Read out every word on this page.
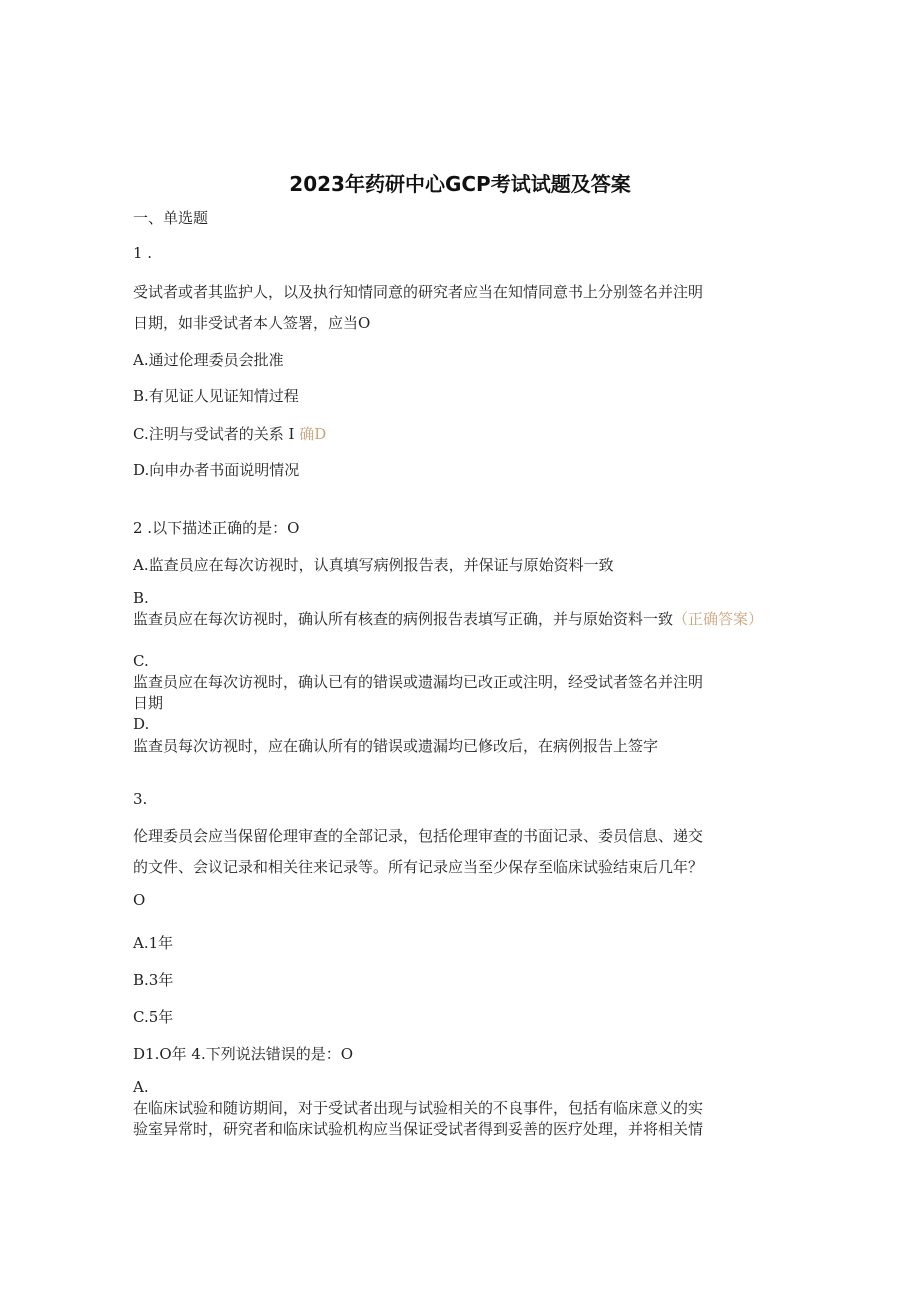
2023年药研中心GCP考试试题及答案
一、单选题
1 .
受试者或者其监护人，以及执行知情同意的研究者应当在知情同意书上分别签名并注明
日期，如非受试者本人签署，应当O
A.通过伦理委员会批准
B.有见证人见证知情过程
C.注明与受试者的关系 I 确D
D.向申办者书面说明情况
2 .以下描述正确的是：O
A.监查员应在每次访视时，认真填写病例报告表，并保证与原始资料一致
B.
监查员应在每次访视时，确认所有核查的病例报告表填写正确，并与原始资料一致（正确答案）
C.
监查员应在每次访视时，确认已有的错误或遗漏均已改正或注明，经受试者签名并注明
日期
D.
监查员每次访视时，应在确认所有的错误或遗漏均已修改后，在病例报告上签字
3.
伦理委员会应当保留伦理审查的全部记录，包括伦理审查的书面记录、委员信息、递交
的文件、会议记录和相关往来记录等。所有记录应当至少保存至临床试验结束后几年？
O
A.1年
B.3年
C.5年
D1.O年 4.下列说法错误的是：O
A.
在临床试验和随访期间，对于受试者出现与试验相关的不良事件，包括有临床意义的实
验室异常时，研究者和临床试验机构应当保证受试者得到妥善的医疗处理，并将相关情
